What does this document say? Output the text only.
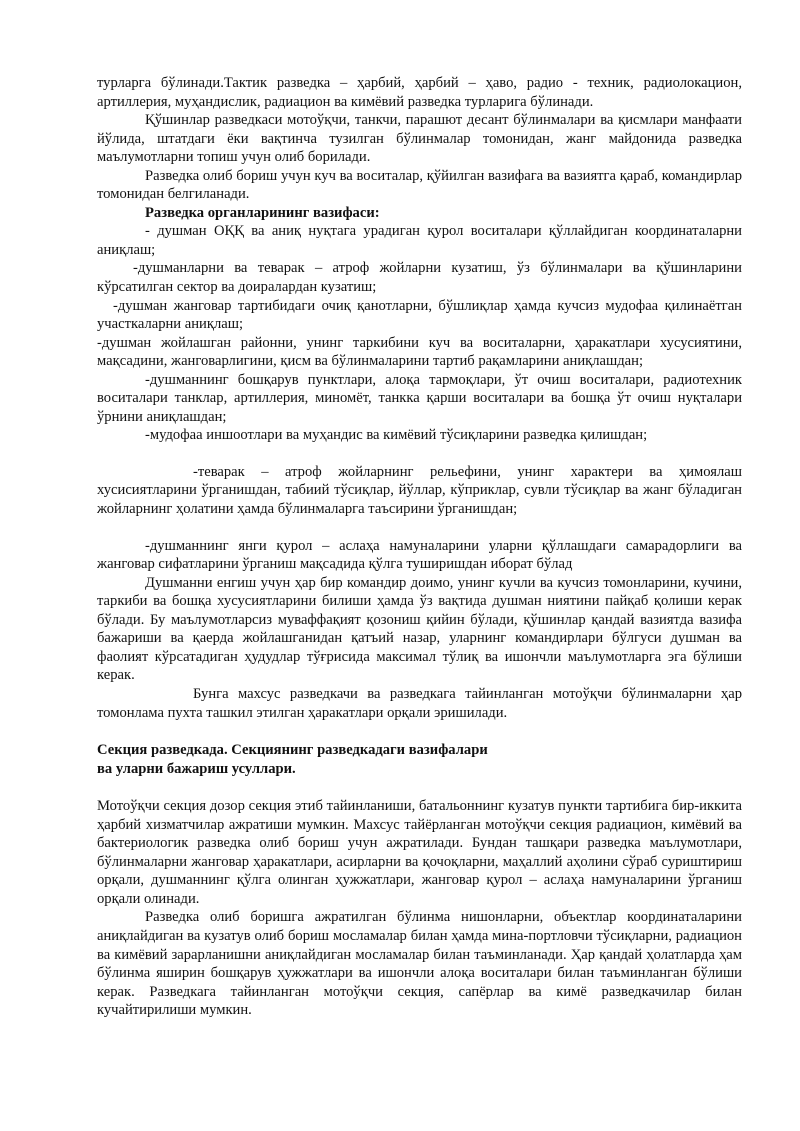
турларга бўлинади.Тактик разведка – ҳарбий, ҳарбий – ҳаво, радио - техник, радиолокацион, артиллерия, муҳандислик, радиацион ва кимёвий разведка турларига бўлинади.

Қўшинлар разведкаси мотоўқчи, танкчи, парашют десант бўлинмалари ва қисмлари манфаати йўлида, штатдаги ёки вақтинча тузилган бўлинмалар томонидан, жанг майдонида разведка маълумотларни топиш учун олиб борилади.

Разведка олиб бориш учун куч ва воситалар, қўйилган вазифага ва вазиятга қараб, командирлар томонидан белгиланади.

Разведка органларининг вазифаси:

- душман ОҚҚ ва аниқ нуқтага урадиган қурол воситалари қўллайдиган координаталарни аниқлаш;

-душманларни ва теварак – атроф жойларни кузатиш, ўз бўлинмалари ва қўшинларини кўрсатилган сектор ва доиралардан кузатиш;

-душман жанговар тартибидаги очиқ қанотларни, бўшлиқлар ҳамда кучсиз мудофаа қилинаётган участкаларни аниқлаш;

-душман жойлашган районни, унинг таркибини куч ва воситаларни, ҳаракатлари хусусиятини, мақсадини, жанговарлигини, қисм ва бўлинмаларини тартиб рақамларини аниқлашдан;

-душманнинг бошқарув пунктлари, алоқа тармоқлари, ўт очиш воситалари, радиотехник воситалари танклар, артиллерия, миномёт, танкка қарши воситалари ва бошқа ўт очиш нуқталари ўрнини аниқлашдан;

-мудофаа иншоотлари ва муҳандис ва кимёвий тўсиқларини разведка қилишдан;

-теварак – атроф жойларнинг рельефини, унинг характери ва ҳимоялаш хусисиятларини ўрганишдан, табиий тўсиқлар, йўллар, кўприклар, сувли тўсиқлар ва жанг бўладиган жойларнинг ҳолатини ҳамда бўлинмаларга таъсирини ўрганишдан;

-душманнинг янги қурол – аслаҳа намуналарини уларни қўллашдаги самарадорлиги ва жанговар сифатларини ўрганиш мақсадида қўлга туширишдан иборат бўлад

Душманни енгиш учун ҳар бир командир доимо, унинг кучли ва кучсиз томонларини, кучини, таркиби ва бошқа хусусиятларини билиши ҳамда ўз вақтида душман ниятини пайқаб қолиши керак бўлади. Бу маълумотларсиз муваффақият қозониш қийин бўлади, қўшинлар қандай вазиятда вазифа бажариши ва қаерда жойлашганидан қатъий назар, уларнинг командирлари бўлгуси душман ва фаолият кўрсатадиган ҳудудлар тўғрисида максимал тўлиқ ва ишончли маълумотларга эга бўлиши керак.

Бунга махсус разведкачи ва разведкага тайинланган мотоўқчи бўлинмаларни ҳар томонлама пухта ташкил этилган ҳаракатлари орқали эришилади.

Секция разведкада. Секциянинг разведкадаги вазифалари

ва уларни бажариш усуллари.

Мотоўқчи секция дозор секция этиб тайинланиши, батальоннинг кузатув пункти тартибига бир-иккита ҳарбий хизматчилар ажратиши мумкин. Махсус тайёрланган мотоўқчи секция радиацион, кимёвий ва бактериологик разведка олиб бориш учун ажратилади. Бундан ташқари разведка маълумотлари, бўлинмаларни жанговар ҳаракатлари, асирларни ва қочоқларни, маҳаллий аҳолини сўраб суриштириш орқали, душманнинг қўлга олинган ҳужжатлари, жанговар қурол – аслаҳа намуналарини ўрганиш орқали олинади.

Разведка олиб боришга ажратилган бўлинма нишонларни, объектлар координаталарини аниқлайдиган ва кузатув олиб бориш мосламалар билан ҳамда мина-портловчи тўсиқларни, радиацион ва кимёвий зарарланишни аниқлайдиган мосламалар билан таъминланади. Ҳар қандай ҳолатларда ҳам бўлинма яширин бошқарув ҳужжатлари ва ишончли алоқа воситалари билан таъминланган бўлиши керак. Разведкага тайинланган мотоўқчи секция, сапёрлар ва кимё разведкачилар билан кучайтирилиши мумкин.
